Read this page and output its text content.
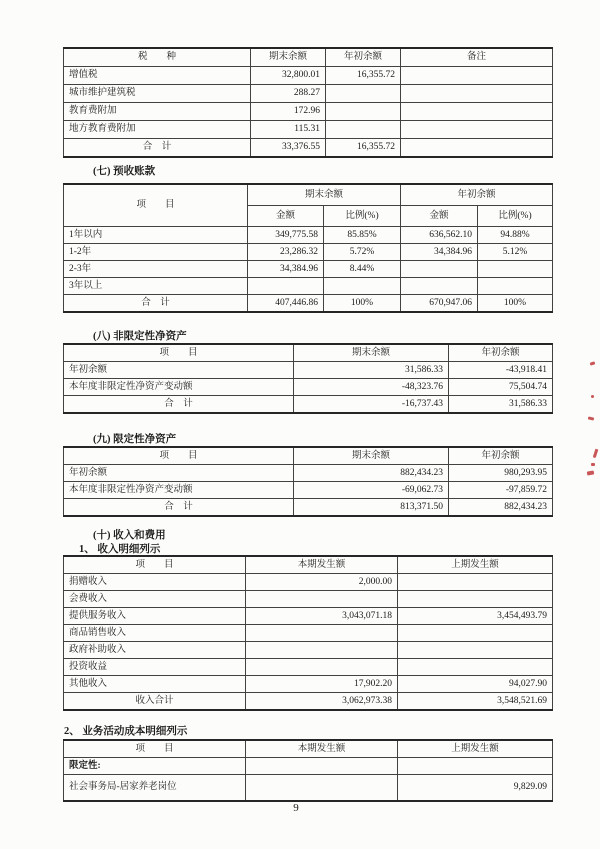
税　　种	期末余额	年初余额	备注
增值税	32,800.01	16,355.72	
城市维护建筑税	288.27		
教育费附加	172.96		
地方教育费附加	115.31		
合　计	33,376.55	16,355.72	
(七) 预收账款
项　　目	期末余额		年初余额	
	金额	比例(%)	金额	比例(%)
1年以内	349,775.58	85.85%	636,562.10	94.88%
1-2年	23,286.32	5.72%	34,384.96	5.12%
2-3年	34,384.96	8.44%		
3年以上				
合　计	407,446.86	100%	670,947.06	100%
(八) 非限定性净资产
项　　目	期末余额	年初余额
年初余额	31,586.33	-43,918.41
本年度非限定性净资产变动额	-48,323.76	75,504.74
合　计	-16,737.43	31,586.33
(九) 限定性净资产
项　　目	期末余额	年初余额
年初余额	882,434.23	980,293.95
本年度非限定性净资产变动额	-69,062.73	-97,859.72
合　计	813,371.50	882,434.23
(十) 收入和费用
1、 收入明细列示
项　　目	本期发生额	上期发生额
捐赠收入	2,000.00	
会费收入		
提供服务收入	3,043,071.18	3,454,493.79
商品销售收入		
政府补助收入		
投资收益		
其他收入	17,902.20	94,027.90
收入合计	3,062,973.38	3,548,521.69
2、 业务活动成本明细列示
项　　目	本期发生额	上期发生额
限定性:		
社会事务局-居家养老岗位		9,829.09
9
